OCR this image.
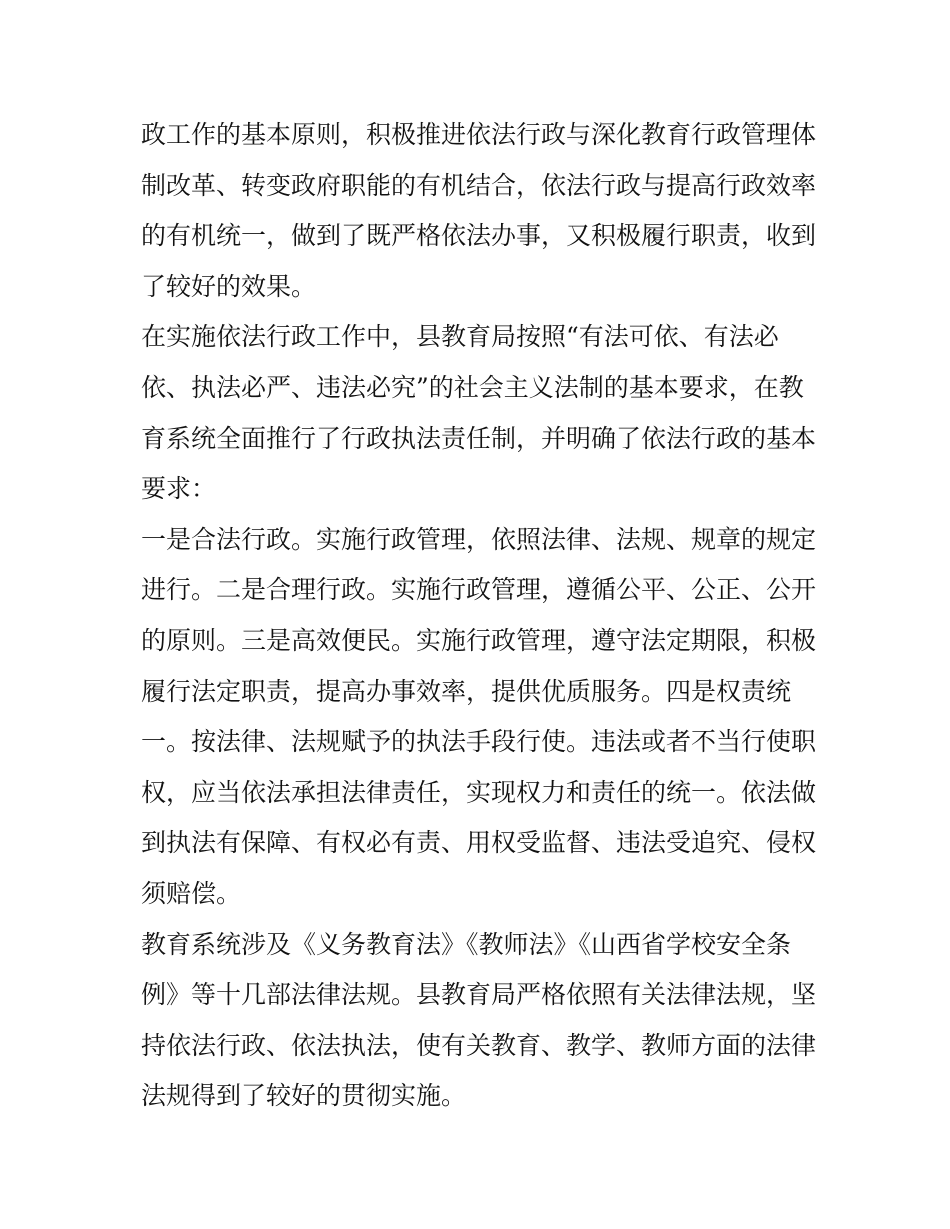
政工作的基本原则，积极推进依法行政与深化教育行政管理体
制改革、转变政府职能的有机结合，依法行政与提高行政效率
的有机统一，做到了既严格依法办事，又积极履行职责，收到
了较好的效果。
在实施依法行政工作中，县教育局按照“有法可依、有法必
依、执法必严、违法必究”的社会主义法制的基本要求，在教
育系统全面推行了行政执法责任制，并明确了依法行政的基本
要求：
一是合法行政。实施行政管理，依照法律、法规、规章的规定
进行。二是合理行政。实施行政管理，遵循公平、公正、公开
的原则。三是高效便民。实施行政管理，遵守法定期限，积极
履行法定职责，提高办事效率，提供优质服务。四是权责统
一。按法律、法规赋予的执法手段行使。违法或者不当行使职
权，应当依法承担法律责任，实现权力和责任的统一。依法做
到执法有保障、有权必有责、用权受监督、违法受追究、侵权
须赔偿。
教育系统涉及《义务教育法》《教师法》《山西省学校安全条
例》等十几部法律法规。县教育局严格依照有关法律法规，坚
持依法行政、依法执法，使有关教育、教学、教师方面的法律
法规得到了较好的贯彻实施。
